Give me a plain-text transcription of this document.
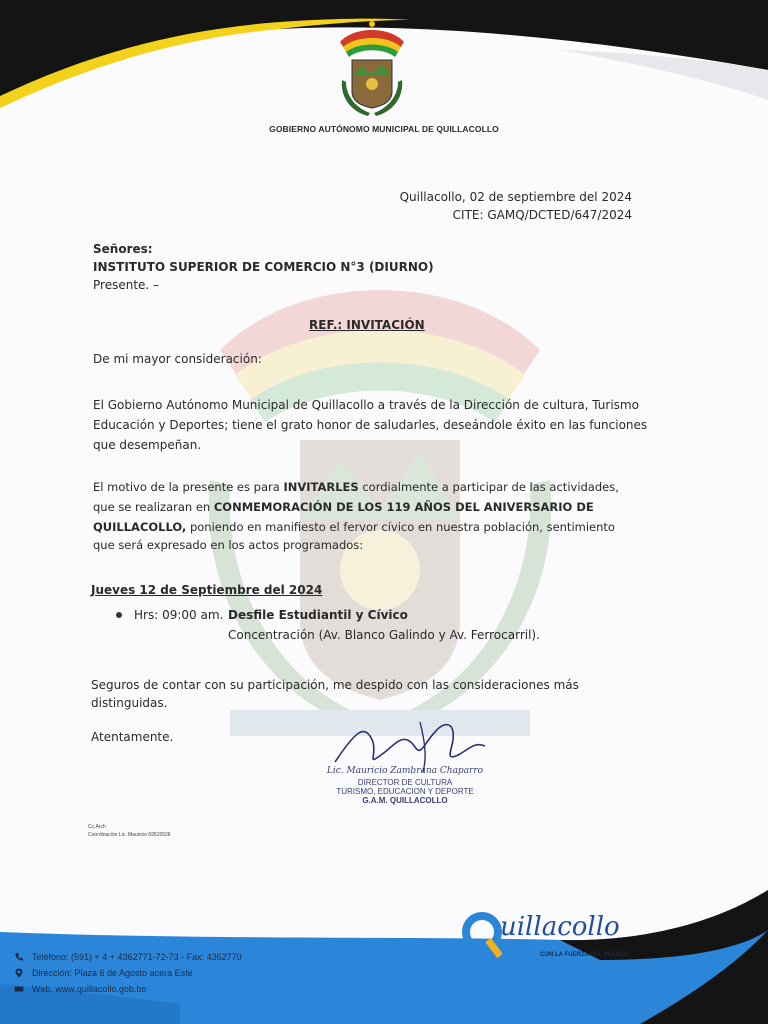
GOBIERNO AUTÓNOMO MUNICIPAL DE QUILLACOLLO
Quillacollo, 02 de septiembre del 2024
CITE: GAMQ/DCTED/647/2024
Señores:
INSTITUTO SUPERIOR DE COMERCIO N°3 (DIURNO)
Presente. –
REF.: INVITACIÓN
De mi mayor consideración:
El Gobierno Autónomo Municipal de Quillacollo a través de la Dirección de cultura, Turismo
Educación y Deportes; tiene el grato honor de saludarles, deseándole éxito en las funciones
que desempeñan.
El motivo de la presente es para INVITARLES cordialmente a participar de las actividades,
que se realizaran en CONMEMORACIÓN DE LOS 119 AÑOS DEL ANIVERSARIO DE
QUILLACOLLO, poniendo en manifiesto el fervor cívico en nuestra población, sentimiento
que será expresado en los actos programados:
Jueves 12 de Septiembre del 2024
Hrs: 09:00 am. Desfile Estudiantil y Cívico
Concentración (Av. Blanco Galindo y Av. Ferrocarril).
Seguros de contar con su participación, me despido con las consideraciones más
distinguidas.
Atentamente.
Lic. Mauricio Zambrana Chaparro
DIRECTOR DE CULTURA
TURISMO, EDUCACION Y DEPORTE
G.A.M. QUILLACOLLO
Cc.Arch
Coordinación Lic. Mauricio 69515526
uillacollo
CON LA FUERZA DEL PUEBLO
Teléfono: (591) + 4 + 4362771-72-73 - Fax: 4362770
Dirección: Plaza 6 de Agosto acera Este
Web: www.quillacollo.gob.bo
